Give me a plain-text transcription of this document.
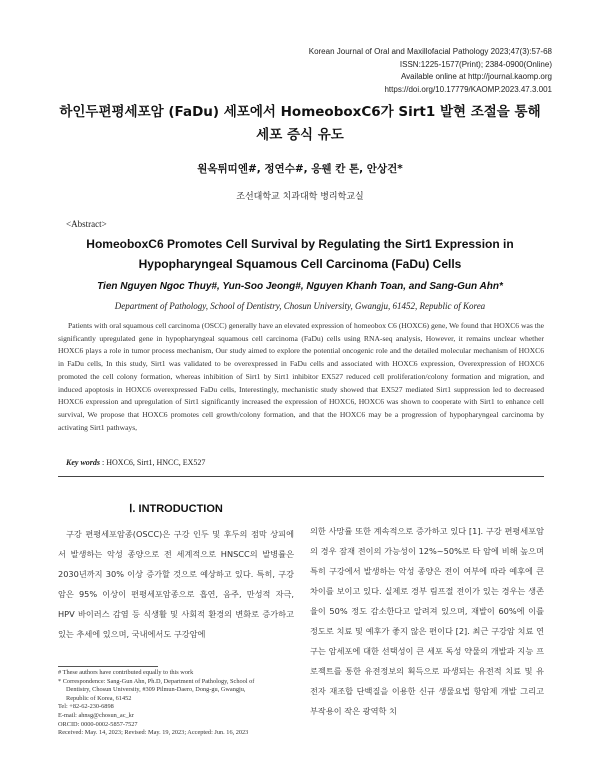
Korean Journal of Oral and Maxillofacial Pathology 2023;47(3):57-68
ISSN:1225-1577(Print); 2384-0900(Online)
Available online at http://journal.kaomp.org
https://doi.org/10.17779/KAOMP.2023.47.3.001
하인두편평세포암 (FaDu) 세포에서 HomeoboxC6가 Sirt1 발현 조절을 통해
세포 증식 유도
원옥튀띠엔#, 정연수#, 응웬 칸 톤, 안상건*
조선대학교 치과대학 병리학교실
<Abstract>
HomeoboxC6 Promotes Cell Survival by Regulating the Sirt1 Expression in
Hypopharyngeal Squamous Cell Carcinoma (FaDu) Cells
Tien Nguyen Ngoc Thuy#, Yun-Soo Jeong#, Nguyen Khanh Toan, and Sang-Gun Ahn*
Department of Pathology, School of Dentistry, Chosun University, Gwangju, 61452, Republic of Korea

Patients with oral squamous cell carcinoma (OSCC) generally have an elevated expression of homeobox C6 (HOXC6) gene, We found that HOXC6 was the significantly upregulated gene in hypopharyngeal squamous cell carcinoma (FaDu) cells using RNA-seq analysis, However, it remains unclear whether HOXC6 plays a role in tumor process mechanism, Our study aimed to explore the potential oncogenic role and the detailed molecular mechanism of HOXC6 in FaDu cells, In this study, Sirt1 was validated to be overexpressed in FaDu cells and associated with HOXC6 expression, Overexpression of HOXC6 promoted the cell colony formation, whereas inhibition of Sirt1 by Sirt1 inhibitor EX527 reduced cell proliferation/colony formation and migration, and induced apoptosis in HOXC6 overexpressed FaDu cells, Interestingly, mechanistic study showed that EX527 mediated Sirt1 suppression led to decreased HOXC6 expression and upregulation of Sirt1 significantly increased the expression of HOXC6, HOXC6 was shown to cooperate with Sirt1 to enhance cell survival, We propose that HOXC6 promotes cell growth/colony formation, and that the HOXC6 may be a progression of hypopharyngeal carcinoma by activating Sirt1 pathways,

Key words : HOXC6, Sirt1, HNCC, EX527
Ⅰ. INTRODUCTION

구강 편평세포암종(OSCC)은 구강 인두 및 후두의 점막 상피에서 발생하는 악성 종양으로 전 세계적으로 HNSCC의 발병률은 2030년까지 30% 이상 증가할 것으로 예상하고 있다. 특히, 구강암은 95% 이상이 편평세포암종으로 흡연, 음주, 만성적 자극, HPV 바이러스 감염 등 식생활 및 사회적 환경의 변화로 증가하고 있는 추세에 있으며, 국내에서도 구강암에

의한 사망률 또한 계속적으로 증가하고 있다 [1]. 구강 편평세포암의 경우 잠재 전이의 가능성이 12%~50%로 타 암에 비해 높으며 특히 구강에서 발생하는 악성 종양은 전이 여부에 따라 예후에 큰 차이를 보이고 있다. 실제로 경부 림프절 전이가 있는 경우는 생존율이 50% 정도 감소한다고 알려져 있으며, 재발이 60%에 이를 정도로 치료 및 예후가 좋지 않은 편이다 [2]. 최근 구강암 치료 연구는 암세포에 대한 선택성이 큰 세포 독성 약물의 개발과 지능 프로젝트를 통한 유전정보의 획득으로 파생되는 유전적 치료 및 유전자 재조합 단백질을 이용한 신규 생물요법 항암제 개발 그리고 부작용이 작은 광역학 치

# These authors have contributed equally to this work
* Correspondence: Sang-Gun Ahn, Ph.D, Department of Pathology, School of
Dentistry, Chosun University, #309 Pilmun-Daero, Dong-gu, Gwangju,
Republic of Korea, 61452
Tel: +82-62-230-6898
E-mail: ahnsg@chosun_ac_kr
ORCID: 0000-0002-5857-7527
Received: May. 14, 2023; Revised: May. 19, 2023; Accepted: Jun. 16, 2023
